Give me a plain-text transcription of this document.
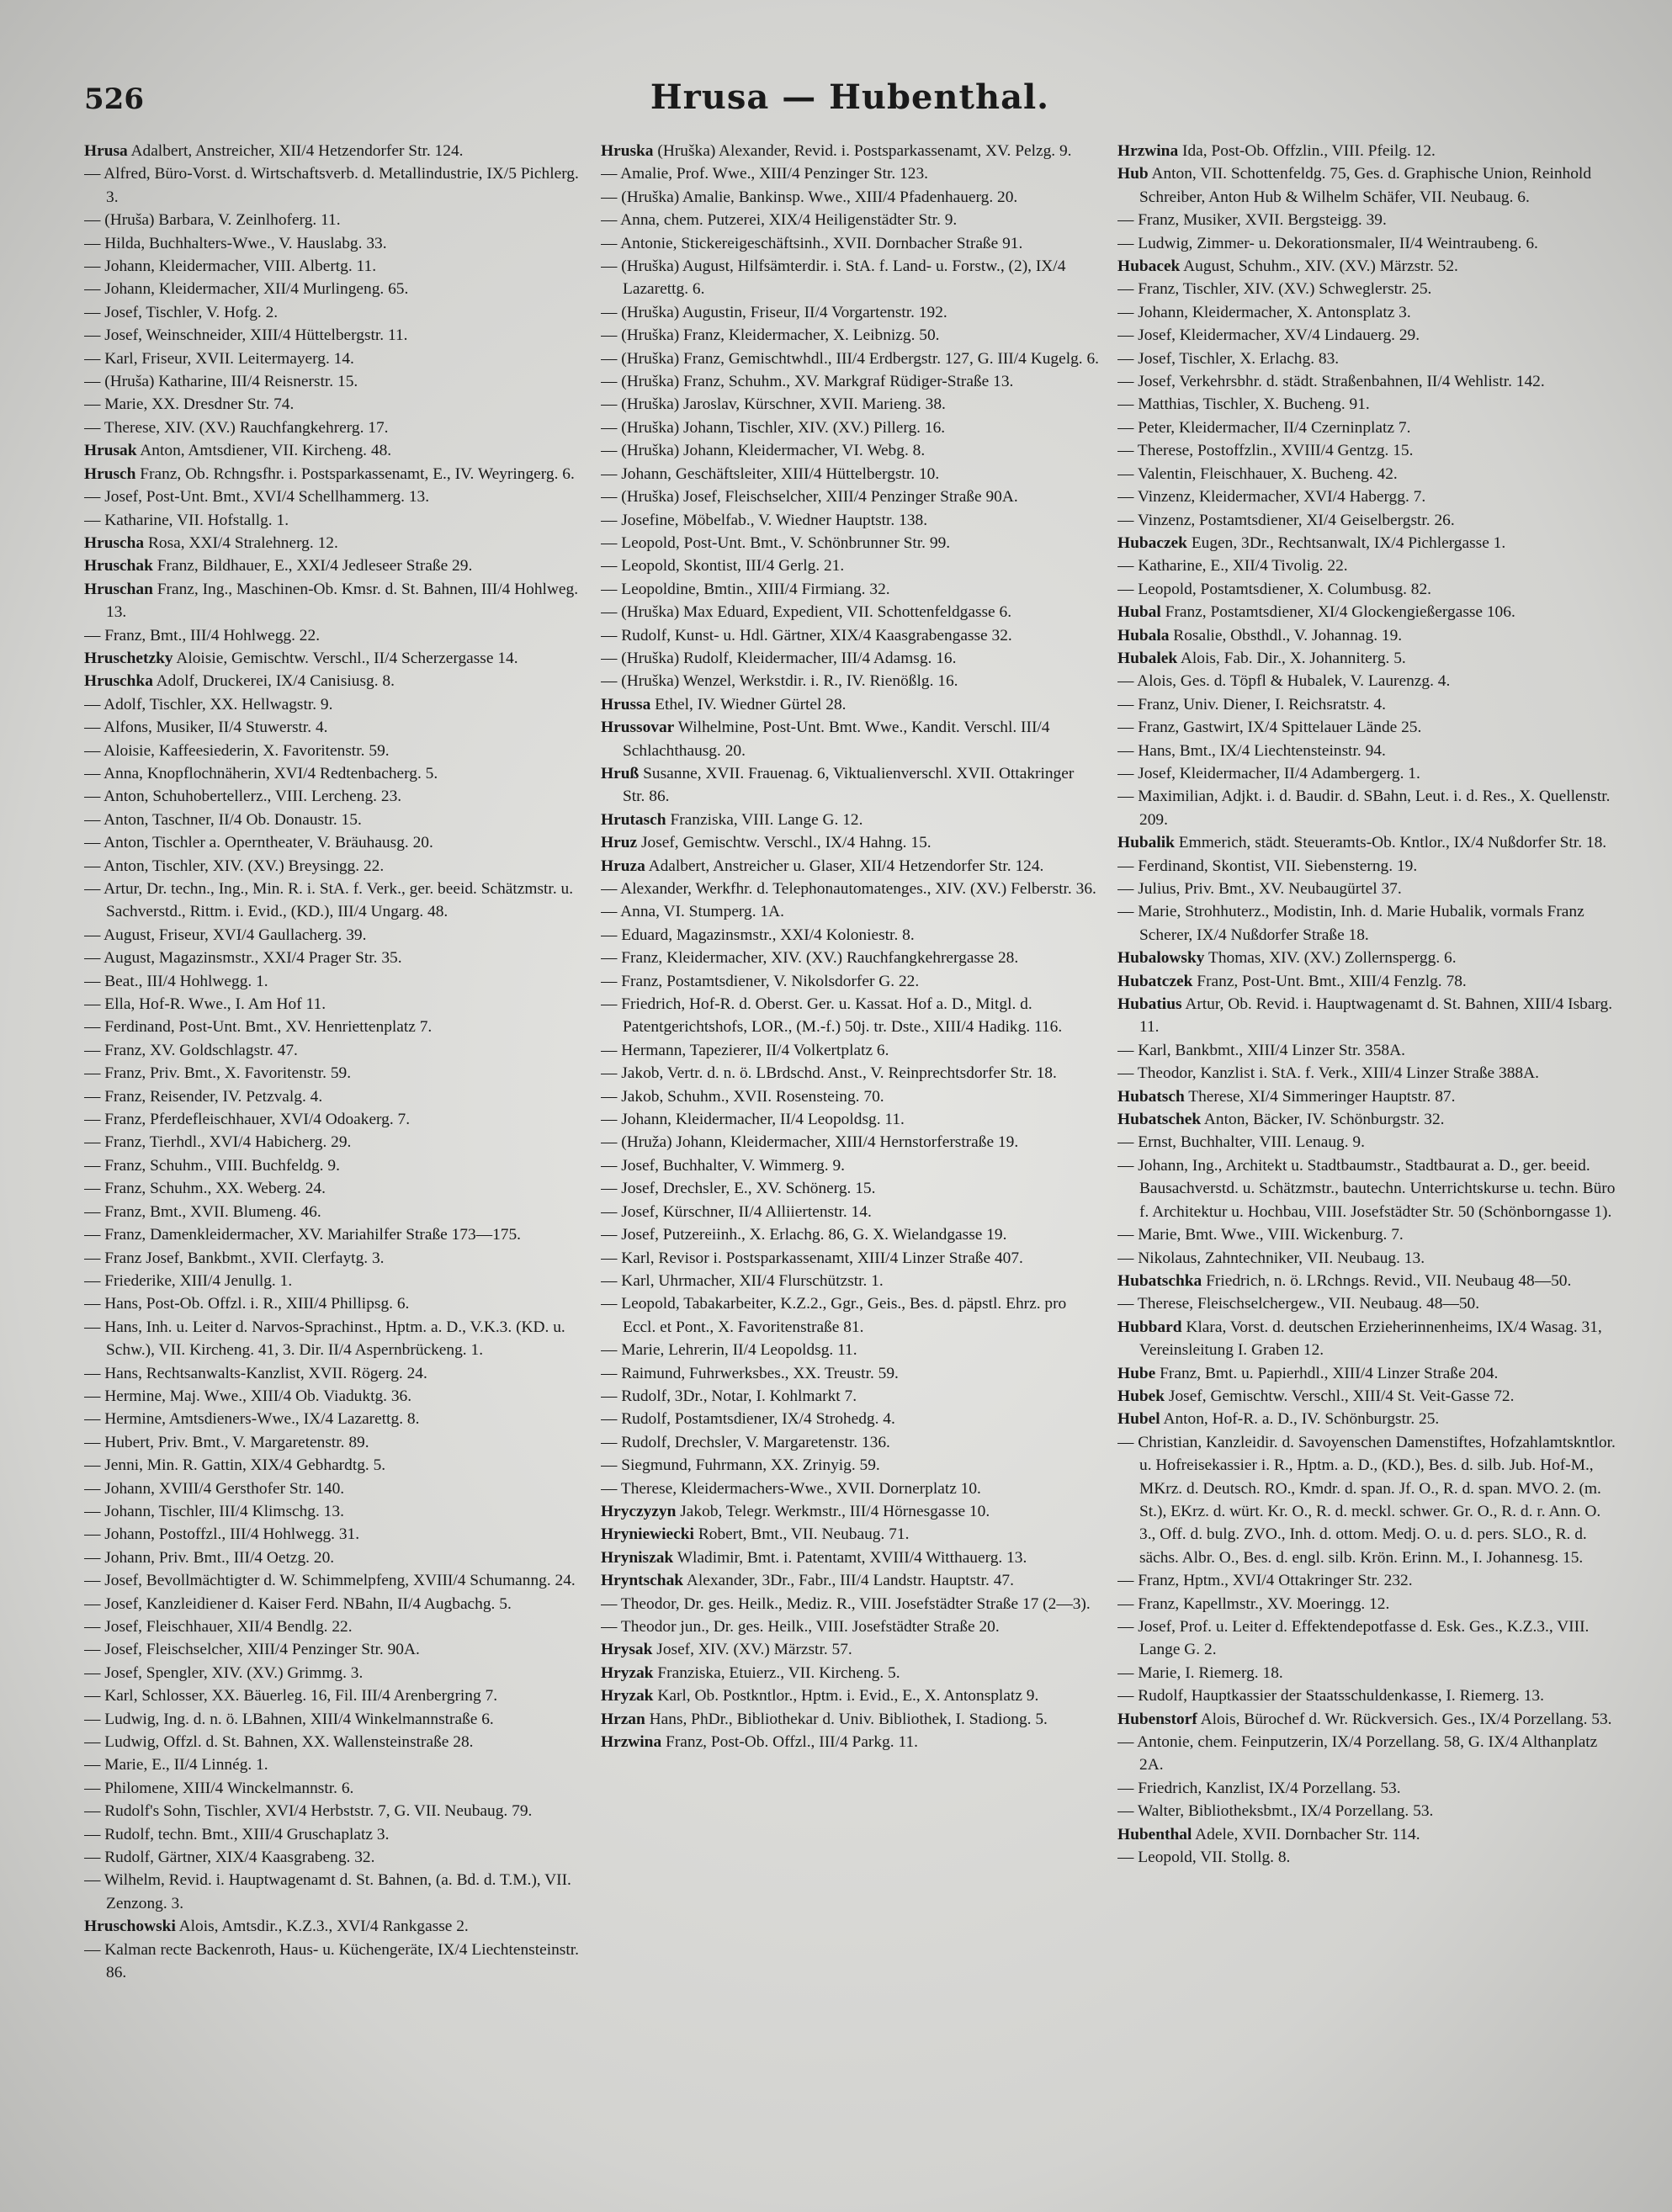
526	Hrusa — Hubenthal.

Hrusa Adalbert, Anstreicher, XII/4 Hetzendorfer Str. 124.

— Alfred, Büro-Vorst. d. Wirtschaftsverb. d. Metallindustrie, IX/5 Pichlerg. 3.

— (Hruša) Barbara, V. Zeinlhoferg. 11.

— Hilda, Buchhalters-Wwe., V. Hauslabg. 33.

— Johann, Kleidermacher, VIII. Albertg. 11.

— Johann, Kleidermacher, XII/4 Murlingeng. 65.

— Josef, Tischler, V. Hofg. 2.

— Josef, Weinschneider, XIII/4 Hüttelbergstr. 11.

— Karl, Friseur, XVII. Leitermayerg. 14.

— (Hruša) Katharine, III/4 Reisnerstr. 15.

— Marie, XX. Dresdner Str. 74.

— Therese, XIV. (XV.) Rauchfangkehrerg. 17.

Hrusak Anton, Amtsdiener, VII. Kircheng. 48.

Hrusch Franz, Ob. Rchngsfhr. i. Postsparkassenamt, E., IV. Weyringerg. 6.

— Josef, Post-Unt. Bmt., XVI/4 Schellhammerg. 13.

— Katharine, VII. Hofstallg. 1.

Hruscha Rosa, XXI/4 Stralehnerg. 12.

Hruschak Franz, Bildhauer, E., XXI/4 Jedleseer Straße 29.

Hruschan Franz, Ing., Maschinen-Ob. Kmsr. d. St. Bahnen, III/4 Hohlweg. 13.

— Franz, Bmt., III/4 Hohlwegg. 22.

Hruschetzky Aloisie, Gemischtw. Verschl., II/4 Scherzergasse 14.

Hruschka Adolf, Druckerei, IX/4 Canisiusg. 8.

— Adolf, Tischler, XX. Hellwagstr. 9.

— Alfons, Musiker, II/4 Stuwerstr. 4.

— Aloisie, Kaffeesiederin, X. Favoritenstr. 59.

— Anna, Knopflochnäherin, XVI/4 Redtenbacherg. 5.

— Anton, Schuhobertellerz., VIII. Lercheng. 23.

— Anton, Taschner, II/4 Ob. Donaustr. 15.

— Anton, Tischler a. Operntheater, V. Bräuhausg. 20.

— Anton, Tischler, XIV. (XV.) Breysingg. 22.

— Artur, Dr. techn., Ing., Min. R. i. StA. f. Verk., ger. beeid. Schätzmstr. u. Sachverstd., Rittm. i. Evid., (KD.), III/4 Ungarg. 48.

— August, Friseur, XVI/4 Gaullacherg. 39.

— August, Magazinsmstr., XXI/4 Prager Str. 35.

— Beat., III/4 Hohlwegg. 1.

— Ella, Hof-R. Wwe., I. Am Hof 11.

— Ferdinand, Post-Unt. Bmt., XV. Henriettenplatz 7.

— Franz, XV. Goldschlagstr. 47.

— Franz, Priv. Bmt., X. Favoritenstr. 59.

— Franz, Reisender, IV. Petzvalg. 4.

— Franz, Pferdefleischhauer, XVI/4 Odoakerg. 7.

— Franz, Tierhdl., XVI/4 Habicherg. 29.

— Franz, Schuhm., VIII. Buchfeldg. 9.

— Franz, Schuhm., XX. Weberg. 24.

— Franz, Bmt., XVII. Blumeng. 46.

— Franz, Damenkleidermacher, XV. Mariahilfer Straße 173—175.

— Franz Josef, Bankbmt., XVII. Clerfaytg. 3.

— Friederike, XIII/4 Jenullg. 1.

— Hans, Post-Ob. Offzl. i. R., XIII/4 Phillipsg. 6.

— Hans, Inh. u. Leiter d. Narvos-Sprachinst., Hptm. a. D., V.K.3. (KD. u. Schw.), VII. Kircheng. 41, 3. Dir. II/4 Aspernbrückeng. 1.

— Hans, Rechtsanwalts-Kanzlist, XVII. Rögerg. 24.

— Hermine, Maj. Wwe., XIII/4 Ob. Viaduktg. 36.

— Hermine, Amtsdieners-Wwe., IX/4 Lazarettg. 8.

— Hubert, Priv. Bmt., V. Margaretenstr. 89.

— Jenni, Min. R. Gattin, XIX/4 Gebhardtg. 5.

— Johann, XVIII/4 Gersthofer Str. 140.

— Johann, Tischler, III/4 Klimschg. 13.

— Johann, Postoffzl., III/4 Hohlwegg. 31.

— Johann, Priv. Bmt., III/4 Oetzg. 20.

— Josef, Bevollmächtigter d. W. Schimmelpfeng, XVIII/4 Schumanng. 24.

— Josef, Kanzleidiener d. Kaiser Ferd. NBahn, II/4 Augbachg. 5.

— Josef, Fleischhauer, XII/4 Bendlg. 22.

— Josef, Fleischselcher, XIII/4 Penzinger Str. 90A.

— Josef, Spengler, XIV. (XV.) Grimmg. 3.

— Karl, Schlosser, XX. Bäuerleg. 16, Fil. III/4 Arenbergring 7.

— Ludwig, Ing. d. n. ö. LBahnen, XIII/4 Winkelmannstraße 6.

— Ludwig, Offzl. d. St. Bahnen, XX. Wallensteinstraße 28.

— Marie, E., II/4 Linnég. 1.

— Philomene, XIII/4 Winckelmannstr. 6.

— Rudolf's Sohn, Tischler, XVI/4 Herbststr. 7, G. VII. Neubaug. 79.

— Rudolf, techn. Bmt., XIII/4 Gruschaplatz 3.

— Rudolf, Gärtner, XIX/4 Kaasgrabeng. 32.

— Wilhelm, Revid. i. Hauptwagenamt d. St. Bahnen, (a. Bd. d. T.M.), VII. Zenzong. 3.

Hruschowski Alois, Amtsdir., K.Z.3., XVI/4 Rankgasse 2.

— Kalman recte Backenroth, Haus- u. Küchengeräte, IX/4 Liechtensteinstr. 86.

Hruska (Hruška) Alexander, Revid. i. Postsparkassenamt, XV. Pelzg. 9.

— Amalie, Prof. Wwe., XIII/4 Penzinger Str. 123.

— (Hruška) Amalie, Bankinsp. Wwe., XIII/4 Pfadenhauerg. 20.

— Anna, chem. Putzerei, XIX/4 Heiligenstädter Str. 9.

— Antonie, Stickereigeschäftsinh., XVII. Dornbacher Straße 91.

— (Hruška) August, Hilfsämterdir. i. StA. f. Land- u. Forstw., (2), IX/4 Lazarettg. 6.

— (Hruška) Augustin, Friseur, II/4 Vorgartenstr. 192.

— (Hruška) Franz, Kleidermacher, X. Leibnizg. 50.

— (Hruška) Franz, Gemischtwhdl., III/4 Erdbergstr. 127, G. III/4 Kugelg. 6.

— (Hruška) Franz, Schuhm., XV. Markgraf Rüdiger-Straße 13.

— (Hruška) Jaroslav, Kürschner, XVII. Marieng. 38.

— (Hruška) Johann, Tischler, XIV. (XV.) Pillerg. 16.

— (Hruška) Johann, Kleidermacher, VI. Webg. 8.

— Johann, Geschäftsleiter, XIII/4 Hüttelbergstr. 10.

— (Hruška) Josef, Fleischselcher, XIII/4 Penzinger Straße 90A.

— Josefine, Möbelfab., V. Wiedner Hauptstr. 138.

— Leopold, Post-Unt. Bmt., V. Schönbrunner Str. 99.

— Leopold, Skontist, III/4 Gerlg. 21.

— Leopoldine, Bmtin., XIII/4 Firmiang. 32.

— (Hruška) Max Eduard, Expedient, VII. Schottenfeldgasse 6.

— Rudolf, Kunst- u. Hdl. Gärtner, XIX/4 Kaasgrabengasse 32.

— (Hruška) Rudolf, Kleidermacher, III/4 Adamsg. 16.

— (Hruška) Wenzel, Werkstdir. i. R., IV. Rienößlg. 16.

Hrussa Ethel, IV. Wiedner Gürtel 28.

Hrussovar Wilhelmine, Post-Unt. Bmt. Wwe., Kandit. Verschl. III/4 Schlachthausg. 20.

Hruß Susanne, XVII. Frauenag. 6, Viktualienverschl. XVII. Ottakringer Str. 86.

Hrutasch Franziska, VIII. Lange G. 12.

Hruz Josef, Gemischtw. Verschl., IX/4 Hahng. 15.

Hruza Adalbert, Anstreicher u. Glaser, XII/4 Hetzendorfer Str. 124.

— Alexander, Werkfhr. d. Telephonautomatenges., XIV. (XV.) Felberstr. 36.

— Anna, VI. Stumperg. 1A.

— Eduard, Magazinsmstr., XXI/4 Koloniestr. 8.

— Franz, Kleidermacher, XIV. (XV.) Rauchfangkehrergasse 28.

— Franz, Postamtsdiener, V. Nikolsdorfer G. 22.

— Friedrich, Hof-R. d. Oberst. Ger. u. Kassat. Hof a. D., Mitgl. d. Patentgerichtshofs, LOR., (M.-f.) 50j. tr. Dste., XIII/4 Hadikg. 116.

— Hermann, Tapezierer, II/4 Volkertplatz 6.

— Jakob, Vertr. d. n. ö. LBrdschd. Anst., V. Reinprechtsdorfer Str. 18.

— Jakob, Schuhm., XVII. Rosensteing. 70.

— Johann, Kleidermacher, II/4 Leopoldsg. 11.

— (Hruža) Johann, Kleidermacher, XIII/4 Hernstorferstraße 19.

— Josef, Buchhalter, V. Wimmerg. 9.

— Josef, Drechsler, E., XV. Schönerg. 15.

— Josef, Kürschner, II/4 Alliiertenstr. 14.

— Josef, Putzereiinh., X. Erlachg. 86, G. X. Wielandgasse 19.

— Karl, Revisor i. Postsparkassenamt, XIII/4 Linzer Straße 407.

— Karl, Uhrmacher, XII/4 Flurschützstr. 1.

— Leopold, Tabakarbeiter, K.Z.2., Ggr., Geis., Bes. d. päpstl. Ehrz. pro Eccl. et Pont., X. Favoritenstraße 81.

— Marie, Lehrerin, II/4 Leopoldsg. 11.

— Raimund, Fuhrwerksbes., XX. Treustr. 59.

— Rudolf, 3Dr., Notar, I. Kohlmarkt 7.

— Rudolf, Postamtsdiener, IX/4 Strohedg. 4.

— Rudolf, Drechsler, V. Margaretenstr. 136.

— Siegmund, Fuhrmann, XX. Zrinyig. 59.

— Therese, Kleidermachers-Wwe., XVII. Dornerplatz 10.

Hryczyzyn Jakob, Telegr. Werkmstr., III/4 Hörnesgasse 10.

Hryniewiecki Robert, Bmt., VII. Neubaug. 71.

Hryniszak Wladimir, Bmt. i. Patentamt, XVIII/4 Witthauerg. 13.

Hryntschak Alexander, 3Dr., Fabr., III/4 Landstr. Hauptstr. 47.

— Theodor, Dr. ges. Heilk., Mediz. R., VIII. Josefstädter Straße 17 (2—3).

— Theodor jun., Dr. ges. Heilk., VIII. Josefstädter Straße 20.

Hrysak Josef, XIV. (XV.) Märzstr. 57.

Hryzak Franziska, Etuierz., VII. Kircheng. 5.

Hryzak Karl, Ob. Postkntlor., Hptm. i. Evid., E., X. Antonsplatz 9.

Hrzan Hans, PhDr., Bibliothekar d. Univ. Bibliothek, I. Stadiong. 5.

Hrzwina Franz, Post-Ob. Offzl., III/4 Parkg. 11.

Hrzwina Ida, Post-Ob. Offzlin., VIII. Pfeilg. 12.

Hub Anton, VII. Schottenfeldg. 75, Ges. d. Graphische Union, Reinhold Schreiber, Anton Hub & Wilhelm Schäfer, VII. Neubaug. 6.

— Franz, Musiker, XVII. Bergsteigg. 39.

— Ludwig, Zimmer- u. Dekorationsmaler, II/4 Weintraubeng. 6.

Hubacek August, Schuhm., XIV. (XV.) Märzstr. 52.

— Franz, Tischler, XIV. (XV.) Schweglerstr. 25.

— Johann, Kleidermacher, X. Antonsplatz 3.

— Josef, Kleidermacher, XV/4 Lindauerg. 29.

— Josef, Tischler, X. Erlachg. 83.

— Josef, Verkehrsbhr. d. städt. Straßenbahnen, II/4 Wehlistr. 142.

— Matthias, Tischler, X. Bucheng. 91.

— Peter, Kleidermacher, II/4 Czerninplatz 7.

— Therese, Postoffzlin., XVIII/4 Gentzg. 15.

— Valentin, Fleischhauer, X. Bucheng. 42.

— Vinzenz, Kleidermacher, XVI/4 Habergg. 7.

— Vinzenz, Postamtsdiener, XI/4 Geiselbergstr. 26.

Hubaczek Eugen, 3Dr., Rechtsanwalt, IX/4 Pichlergasse 1.

— Katharine, E., XII/4 Tivolig. 22.

— Leopold, Postamtsdiener, X. Columbusg. 82.

Hubal Franz, Postamtsdiener, XI/4 Glockengießergasse 106.

Hubala Rosalie, Obsthdl., V. Johannag. 19.

Hubalek Alois, Fab. Dir., X. Johanniterg. 5.

— Alois, Ges. d. Töpfl & Hubalek, V. Laurenzg. 4.

— Franz, Univ. Diener, I. Reichsratstr. 4.

— Franz, Gastwirt, IX/4 Spittelauer Lände 25.

— Hans, Bmt., IX/4 Liechtensteinstr. 94.

— Josef, Kleidermacher, II/4 Adambergerg. 1.

— Maximilian, Adjkt. i. d. Baudir. d. SBahn, Leut. i. d. Res., X. Quellenstr. 209.

Hubalik Emmerich, städt. Steueramts-Ob. Kntlor., IX/4 Nußdorfer Str. 18.

— Ferdinand, Skontist, VII. Siebensterng. 19.

— Julius, Priv. Bmt., XV. Neubaugürtel 37.

— Marie, Strohhuterz., Modistin, Inh. d. Marie Hubalik, vormals Franz Scherer, IX/4 Nußdorfer Straße 18.

Hubalowsky Thomas, XIV. (XV.) Zollernspergg. 6.

Hubatczek Franz, Post-Unt. Bmt., XIII/4 Fenzlg. 78.

Hubatius Artur, Ob. Revid. i. Hauptwagenamt d. St. Bahnen, XIII/4 Isbarg. 11.

— Karl, Bankbmt., XIII/4 Linzer Str. 358A.

— Theodor, Kanzlist i. StA. f. Verk., XIII/4 Linzer Straße 388A.

Hubatsch Therese, XI/4 Simmeringer Hauptstr. 87.

Hubatschek Anton, Bäcker, IV. Schönburgstr. 32.

— Ernst, Buchhalter, VIII. Lenaug. 9.

— Johann, Ing., Architekt u. Stadtbaumstr., Stadtbaurat a. D., ger. beeid. Bausachverstd. u. Schätzmstr., bautechn. Unterrichtskurse u. techn. Büro f. Architektur u. Hochbau, VIII. Josefstädter Str. 50 (Schönborngasse 1).

— Marie, Bmt. Wwe., VIII. Wickenburg. 7.

— Nikolaus, Zahntechniker, VII. Neubaug. 13.

Hubatschka Friedrich, n. ö. LRchngs. Revid., VII. Neubaug 48—50.

— Therese, Fleischselchergew., VII. Neubaug. 48—50.

Hubbard Klara, Vorst. d. deutschen Erzieherinnenheims, IX/4 Wasag. 31, Vereinsleitung I. Graben 12.

Hube Franz, Bmt. u. Papierhdl., XIII/4 Linzer Straße 204.

Hubek Josef, Gemischtw. Verschl., XIII/4 St. Veit-Gasse 72.

Hubel Anton, Hof-R. a. D., IV. Schönburgstr. 25.

— Christian, Kanzleidir. d. Savoyenschen Damenstiftes, Hofzahlamtskntlor. u. Hofreisekassier i. R., Hptm. a. D., (KD.), Bes. d. silb. Jub. Hof-M., MKrz. d. Deutsch. RO., Kmdr. d. span. Jf. O., R. d. span. MVO. 2. (m. St.), EKrz. d. würt. Kr. O., R. d. meckl. schwer. Gr. O., R. d. r. Ann. O. 3., Off. d. bulg. ZVO., Inh. d. ottom. Medj. O. u. d. pers. SLO., R. d. sächs. Albr. O., Bes. d. engl. silb. Krön. Erinn. M., I. Johannesg. 15.

— Franz, Hptm., XVI/4 Ottakringer Str. 232.

— Franz, Kapellmstr., XV. Moeringg. 12.

— Josef, Prof. u. Leiter d. Effektendepotfasse d. Esk. Ges., K.Z.3., VIII. Lange G. 2.

— Marie, I. Riemerg. 18.

— Rudolf, Hauptkassier der Staatsschuldenkasse, I. Riemerg. 13.

Hubenstorf Alois, Bürochef d. Wr. Rückversich. Ges., IX/4 Porzellang. 53.

— Antonie, chem. Feinputzerin, IX/4 Porzellang. 58, G. IX/4 Althanplatz 2A.

— Friedrich, Kanzlist, IX/4 Porzellang. 53.

— Walter, Bibliotheksbmt., IX/4 Porzellang. 53.

Hubenthal Adele, XVII. Dornbacher Str. 114.

— Leopold, VII. Stollg. 8.
